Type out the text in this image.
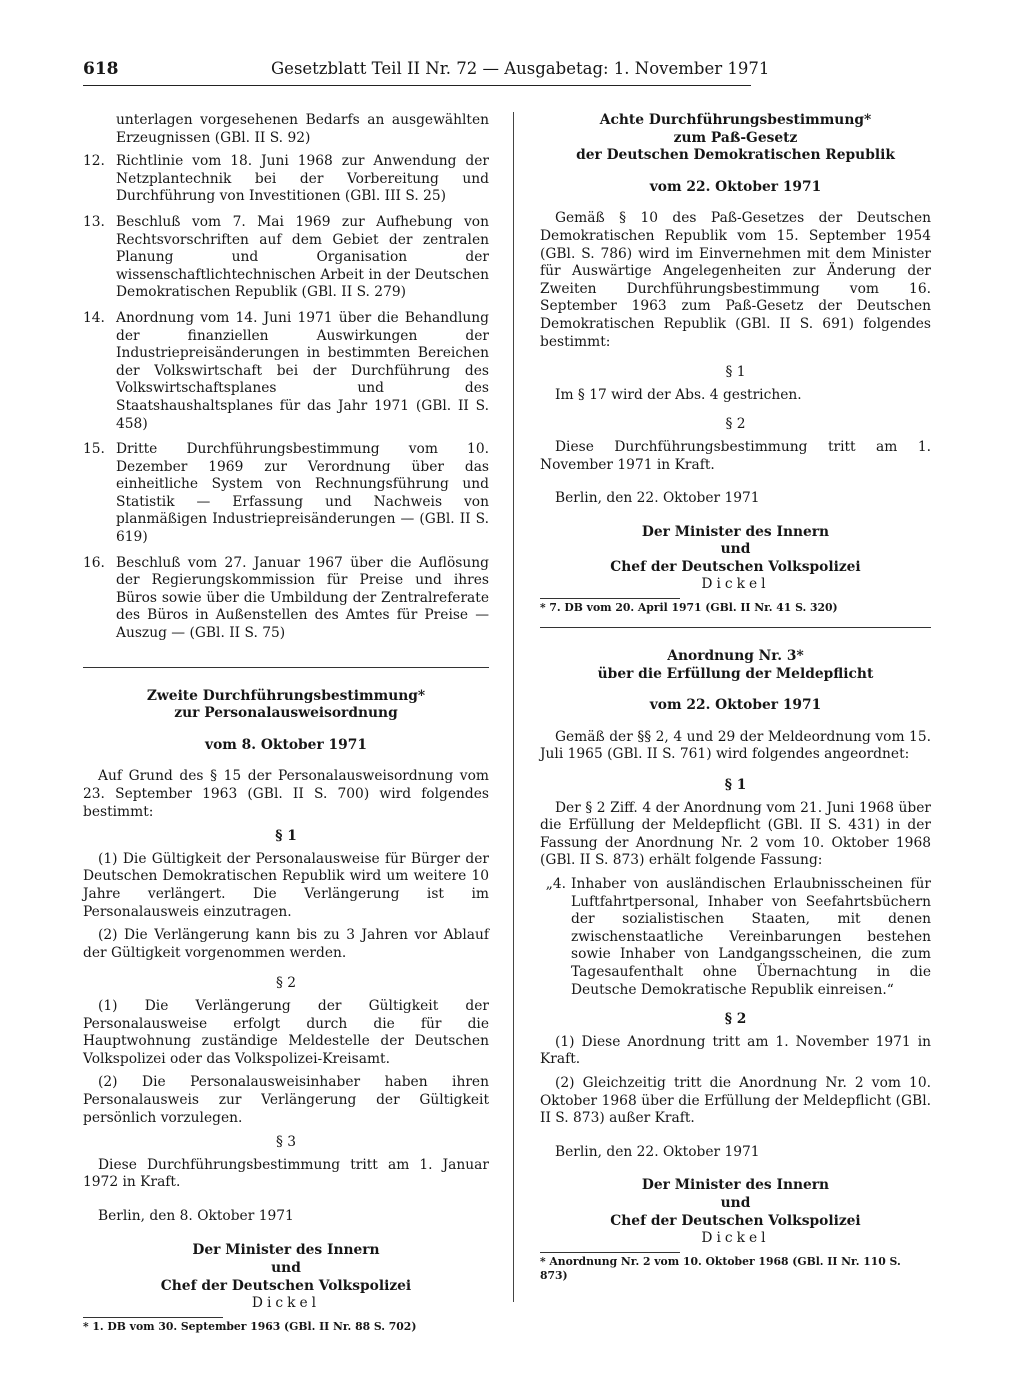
618	Gesetzblatt Teil II Nr. 72 — Ausgabetag: 1. November 1971

unterlagen vorgesehenen Bedarfs an ausgewählten Erzeugnissen (GBl. II S. 92)

12. Richtlinie vom 18. Juni 1968 zur Anwendung der Netzplantechnik bei der Vorbereitung und Durchführung von Investitionen (GBl. III S. 25)
13. Beschluß vom 7. Mai 1969 zur Aufhebung von Rechtsvorschriften auf dem Gebiet der zentralen Planung und Organisation der wissenschaftlichtechnischen Arbeit in der Deutschen Demokratischen Republik (GBl. II S. 279)
14. Anordnung vom 14. Juni 1971 über die Behandlung der finanziellen Auswirkungen der Industriepreisänderungen in bestimmten Bereichen der Volkswirtschaft bei der Durchführung des Volkswirtschaftsplanes und des Staatshaushaltsplanes für das Jahr 1971 (GBl. II S. 458)
15. Dritte Durchführungsbestimmung vom 10. Dezember 1969 zur Verordnung über das einheitliche System von Rechnungsführung und Statistik — Erfassung und Nachweis von planmäßigen Industriepreisänderungen — (GBl. II S. 619)
16. Beschluß vom 27. Januar 1967 über die Auflösung der Regierungskommission für Preise und ihres Büros sowie über die Umbildung der Zentralreferate des Büros in Außenstellen des Amtes für Preise — Auszug — (GBl. II S. 75)

Zweite Durchführungsbestimmung*

zur Personalausweisordnung

vom 8. Oktober 1971

Auf Grund des § 15 der Personalausweisordnung vom 23. September 1963 (GBl. II S. 700) wird folgendes bestimmt:

§ 1

(1) Die Gültigkeit der Personalausweise für Bürger der Deutschen Demokratischen Republik wird um weitere 10 Jahre verlängert. Die Verlängerung ist im Personalausweis einzutragen.

(2) Die Verlängerung kann bis zu 3 Jahren vor Ablauf der Gültigkeit vorgenommen werden.

§ 2

(1) Die Verlängerung der Gültigkeit der Personalausweise erfolgt durch die für die Hauptwohnung zuständige Meldestelle der Deutschen Volkspolizei oder das Volkspolizei-Kreisamt.

(2) Die Personalausweisinhaber haben ihren Personalausweis zur Verlängerung der Gültigkeit persönlich vorzulegen.

§ 3

Diese Durchführungsbestimmung tritt am 1. Januar 1972 in Kraft.

Berlin, den 8. Oktober 1971

Der Minister des Innern

und

Chef der Deutschen Volkspolizei

Dickel

* 1. DB vom 30. September 1963 (GBl. II Nr. 88 S. 702)

Achte Durchführungsbestimmung*

zum Paß-Gesetz

der Deutschen Demokratischen Republik

vom 22. Oktober 1971

Gemäß § 10 des Paß-Gesetzes der Deutschen Demokratischen Republik vom 15. September 1954 (GBl. S. 786) wird im Einvernehmen mit dem Minister für Auswärtige Angelegenheiten zur Änderung der Zweiten Durchführungsbestimmung vom 16. September 1963 zum Paß-Gesetz der Deutschen Demokratischen Republik (GBl. II S. 691) folgendes bestimmt:

§ 1

Im § 17 wird der Abs. 4 gestrichen.

§ 2

Diese Durchführungsbestimmung tritt am 1. November 1971 in Kraft.

Berlin, den 22. Oktober 1971

Der Minister des Innern

und

Chef der Deutschen Volkspolizei

Dickel

* 7. DB vom 20. April 1971 (GBl. II Nr. 41 S. 320)

Anordnung Nr. 3*

über die Erfüllung der Meldepflicht

vom 22. Oktober 1971

Gemäß der §§ 2, 4 und 29 der Meldeordnung vom 15. Juli 1965 (GBl. II S. 761) wird folgendes angeordnet:

§ 1

Der § 2 Ziff. 4 der Anordnung vom 21. Juni 1968 über die Erfüllung der Meldepflicht (GBl. II S. 431) in der Fassung der Anordnung Nr. 2 vom 10. Oktober 1968 (GBl. II S. 873) erhält folgende Fassung:

„4. Inhaber von ausländischen Erlaubnisscheinen für Luftfahrtpersonal, Inhaber von Seefahrtsbüchern der sozialistischen Staaten, mit denen zwischenstaatliche Vereinbarungen bestehen sowie Inhaber von Landgangsscheinen, die zum Tagesaufenthalt ohne Übernachtung in die Deutsche Demokratische Republik einreisen.“

§ 2

(1) Diese Anordnung tritt am 1. November 1971 in Kraft.

(2) Gleichzeitig tritt die Anordnung Nr. 2 vom 10. Oktober 1968 über die Erfüllung der Meldepflicht (GBl. II S. 873) außer Kraft.

Berlin, den 22. Oktober 1971

Der Minister des Innern

und

Chef der Deutschen Volkspolizei

Dickel

* Anordnung Nr. 2 vom 10. Oktober 1968 (GBl. II Nr. 110 S. 873)
